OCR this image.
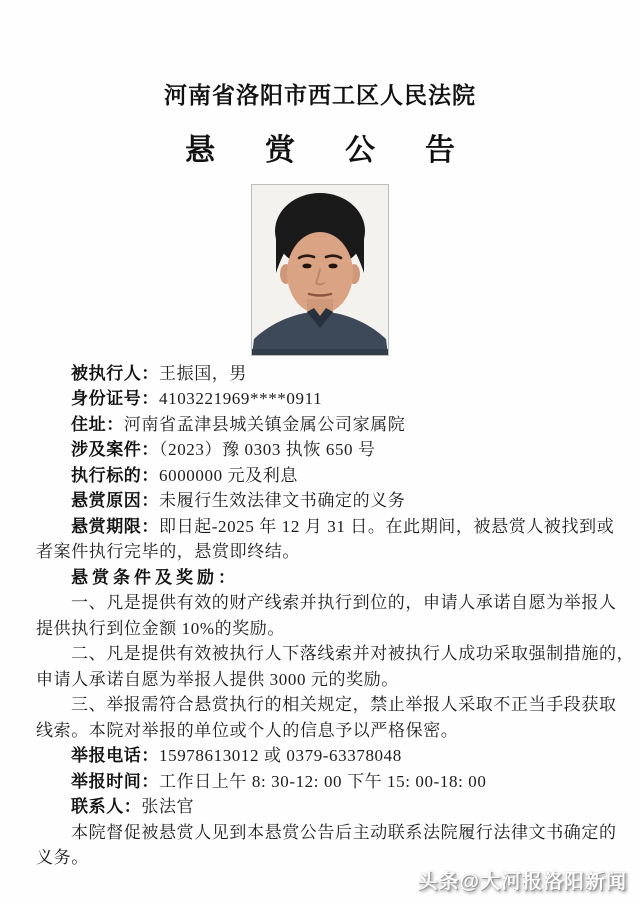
河南省洛阳市西工区人民法院
悬赏公告
被执行人：王振国，男
身份证号：4103221969****0911
住址：河南省孟津县城关镇金属公司家属院
涉及案件：（2023）豫 0303 执恢 650 号
执行标的：6000000 元及利息
悬赏原因：未履行生效法律文书确定的义务
悬赏期限：即日起-2025 年 12 月 31 日。在此期间，被悬赏人被找到或
者案件执行完毕的，悬赏即终结。
悬赏条件及奖励：
一、凡是提供有效的财产线索并执行到位的，申请人承诺自愿为举报人
提供执行到位金额 10%的奖励。
二、凡是提供有效被执行人下落线索并对被执行人成功采取强制措施的，
申请人承诺自愿为举报人提供 3000 元的奖励。
三、举报需符合悬赏执行的相关规定，禁止举报人采取不正当手段获取
线索。本院对举报的单位或个人的信息予以严格保密。
举报电话：15978613012 或 0379-63378048
举报时间：工作日上午 8: 30-12: 00 下午 15: 00-18: 00
联系人：张法官
本院督促被悬赏人见到本悬赏公告后主动联系法院履行法律文书确定的
义务。
头条@大河报洛阳新闻
